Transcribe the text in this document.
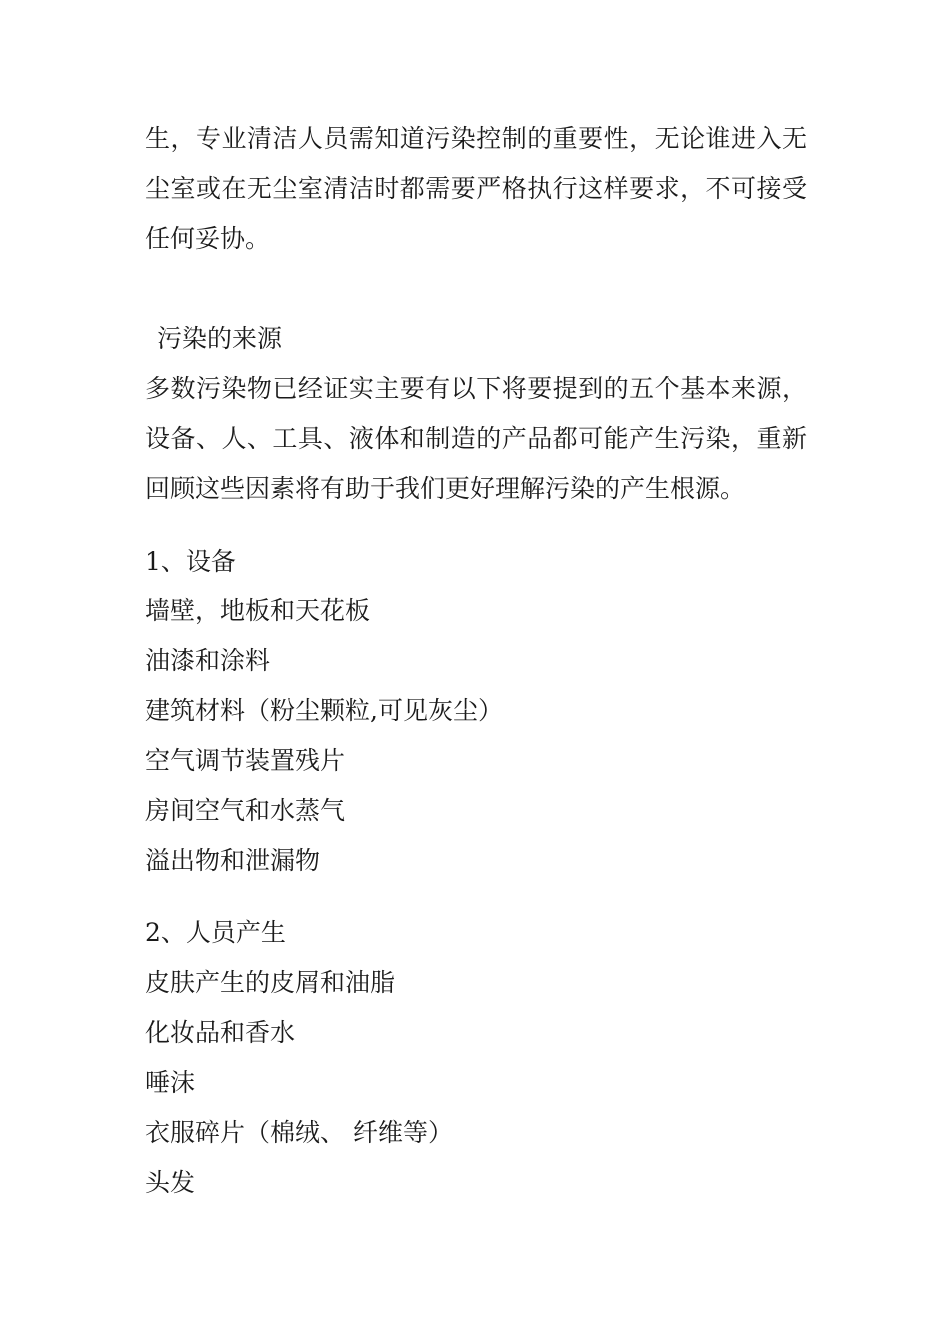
生，专业清洁人员需知道污染控制的重要性，无论谁进入无

尘室或在无尘室清洁时都需要严格执行这样要求，不可接受

任何妥协。

污染的来源

多数污染物已经证实主要有以下将要提到的五个基本来源，

设备、人、工具、液体和制造的产品都可能产生污染，重新

回顾这些因素将有助于我们更好理解污染的产生根源。

1、设备

墙壁，地板和天花板

油漆和涂料

建筑材料（粉尘颗粒,可见灰尘）

空气调节装置残片

房间空气和水蒸气

溢出物和泄漏物

2、人员产生

皮肤产生的皮屑和油脂

化妆品和香水

唾沫

衣服碎片（棉绒、 纤维等）

头发
